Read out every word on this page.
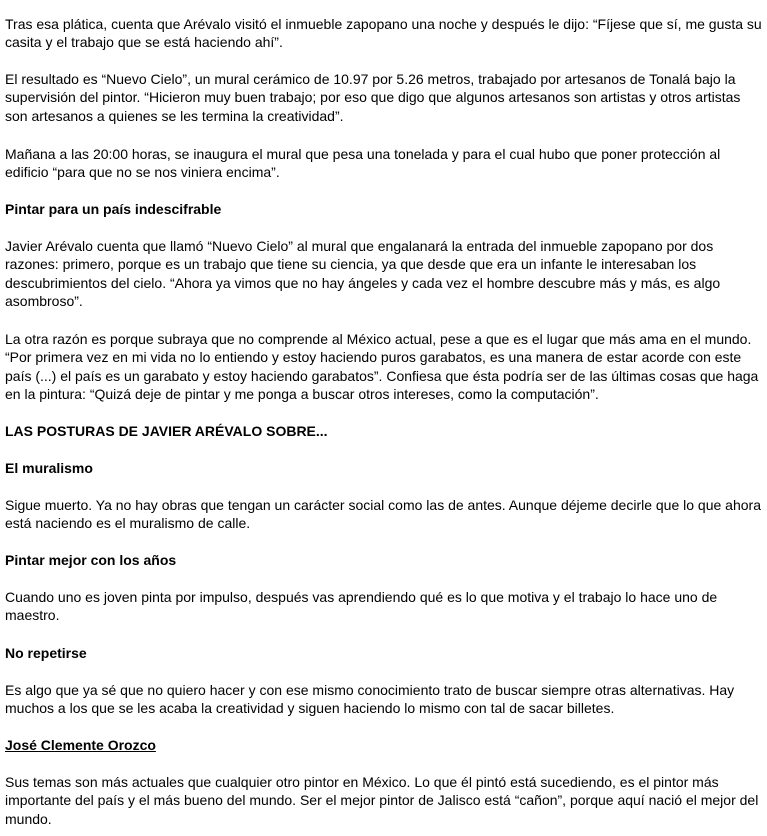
Tras esa plática, cuenta que Arévalo visitó el inmueble zapopano una noche y después le dijo: “Fíjese que sí, me gusta su casita y el trabajo que se está haciendo ahí”.

El resultado es “Nuevo Cielo”, un mural cerámico de 10.97 por 5.26 metros, trabajado por artesanos de Tonalá bajo la supervisión del pintor. “Hicieron muy buen trabajo; por eso que digo que algunos artesanos son artistas y otros artistas son artesanos a quienes se les termina la creatividad”.

Mañana a las 20:00 horas, se inaugura el mural que pesa una tonelada y para el cual hubo que poner protección al edificio “para que no se nos viniera encima”.

Pintar para un país indescifrable

Javier Arévalo cuenta que llamó “Nuevo Cielo” al mural que engalanará la entrada del inmueble zapopano por dos razones: primero, porque es un trabajo que tiene su ciencia, ya que desde que era un infante le interesaban los descubrimientos del cielo. “Ahora ya vimos que no hay ángeles y cada vez el hombre descubre más y más, es algo asombroso”.

La otra razón es porque subraya que no comprende al México actual, pese a que es el lugar que más ama en el mundo. “Por primera vez en mi vida no lo entiendo y estoy haciendo puros garabatos, es una manera de estar acorde con este país (...) el país es un garabato y estoy haciendo garabatos”. Confiesa que ésta podría ser de las últimas cosas que haga en la pintura: “Quizá deje de pintar y me ponga a buscar otros intereses, como la computación”.

LAS POSTURAS DE JAVIER ARÉVALO SOBRE...

El muralismo

Sigue muerto. Ya no hay obras que tengan un carácter social como las de antes. Aunque déjeme decirle que lo que ahora está naciendo es el muralismo de calle.

Pintar mejor con los años

Cuando uno es joven pinta por impulso, después vas aprendiendo qué es lo que motiva y el trabajo lo hace uno de maestro.

No repetirse

Es algo que ya sé que no quiero hacer y con ese mismo conocimiento trato de buscar siempre otras alternativas. Hay muchos a los que se les acaba la creatividad y siguen haciendo lo mismo con tal de sacar billetes.

José Clemente Orozco

Sus temas son más actuales que cualquier otro pintor en México. Lo que él pintó está sucediendo, es el pintor más importante del país y el más bueno del mundo. Ser el mejor pintor de Jalisco está “cañon”, porque aquí nació el mejor del mundo.
